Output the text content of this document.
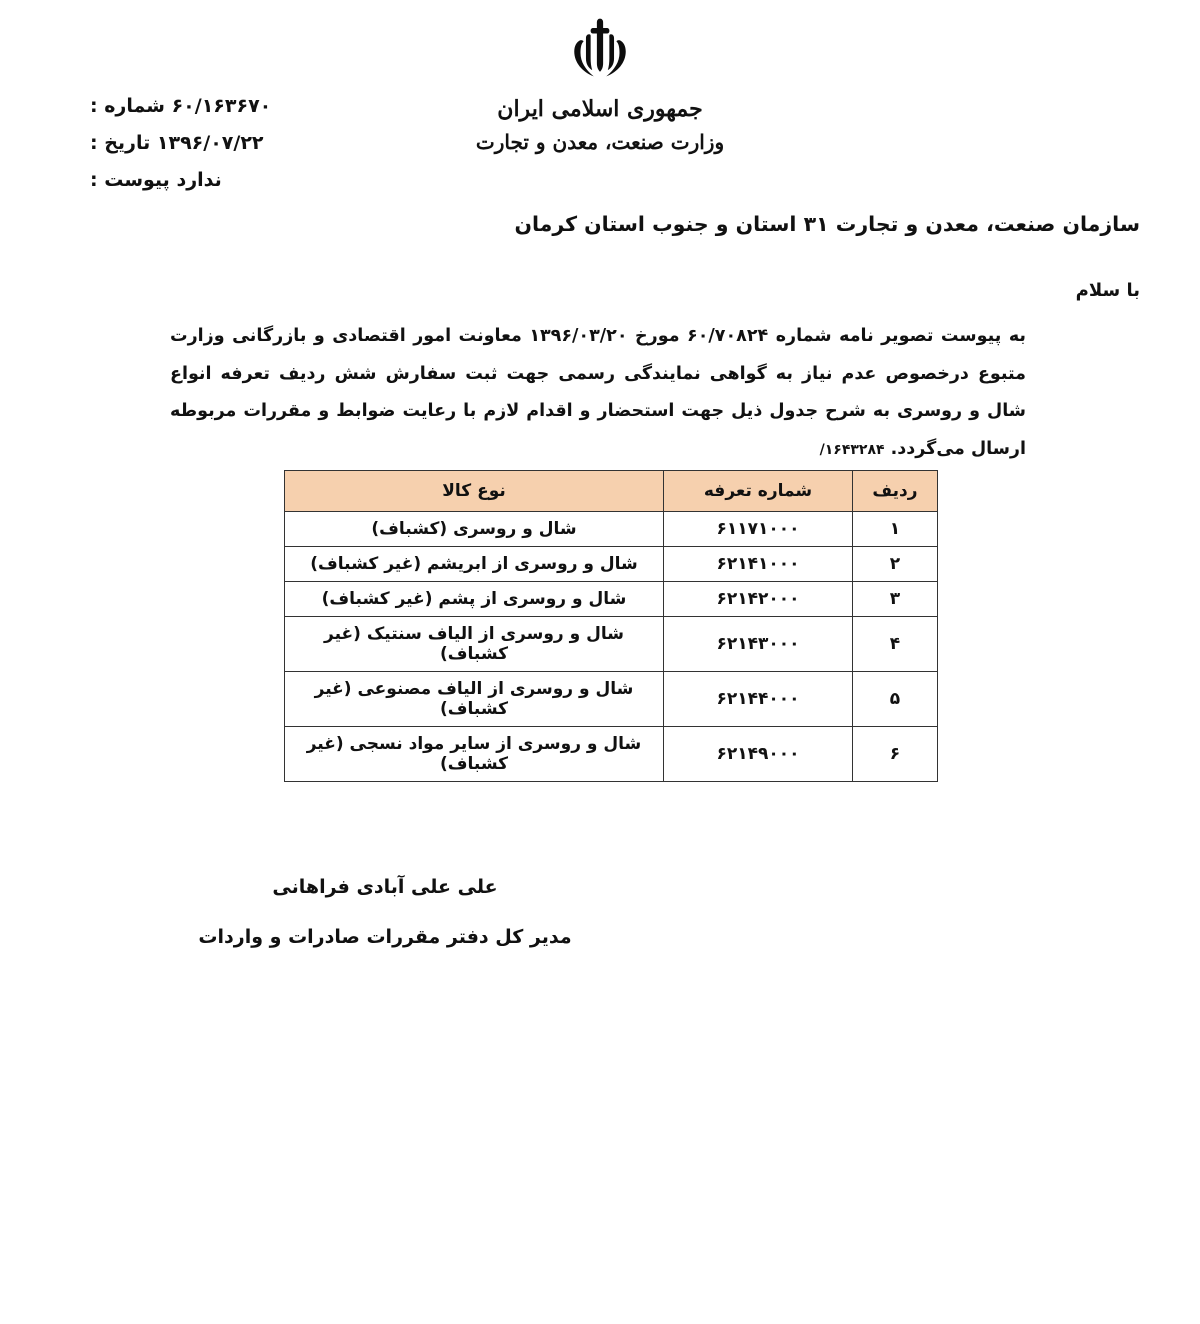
جمهوری اسلامی ایران
وزارت صنعت، معدن و تجارت
۶۰/۱۶۳۶۷۰ شماره :
۱۳۹۶/۰۷/۲۲ تاریخ :
ندارد پیوست :
سازمان صنعت، معدن و تجارت ۳۱ استان و جنوب استان کرمان
با سلام
به پیوست تصویر نامه شماره ۶۰/۷۰۸۲۴ مورخ ۱۳۹۶/۰۳/۲۰ معاونت امور اقتصادی و بازرگانی وزارت متبوع درخصوص عدم نیاز به گواهی نمایندگی رسمی جهت ثبت سفارش شش ردیف تعرفه انواع شال و روسری به شرح جدول ذیل جهت استحضار و اقدام لازم با رعایت ضوابط و مقررات مربوطه ارسال می‌گردد. ۱۶۴۳۲۸۴/
ردیف	شماره تعرفه	نوع کالا
۱	۶۱۱۷۱۰۰۰	شال و روسری (کشباف)
۲	۶۲۱۴۱۰۰۰	شال و روسری از ابریشم (غیر کشباف)
۳	۶۲۱۴۲۰۰۰	شال و روسری از پشم (غیر کشباف)
۴	۶۲۱۴۳۰۰۰	شال و روسری از الیاف سنتیک (غیر کشباف)
۵	۶۲۱۴۴۰۰۰	شال و روسری از الیاف مصنوعی (غیر کشباف)
۶	۶۲۱۴۹۰۰۰	شال و روسری از سایر مواد نسجی (غیر کشباف)
علی علی آبادی فراهانی
مدیر کل دفتر مقررات صادرات و واردات
